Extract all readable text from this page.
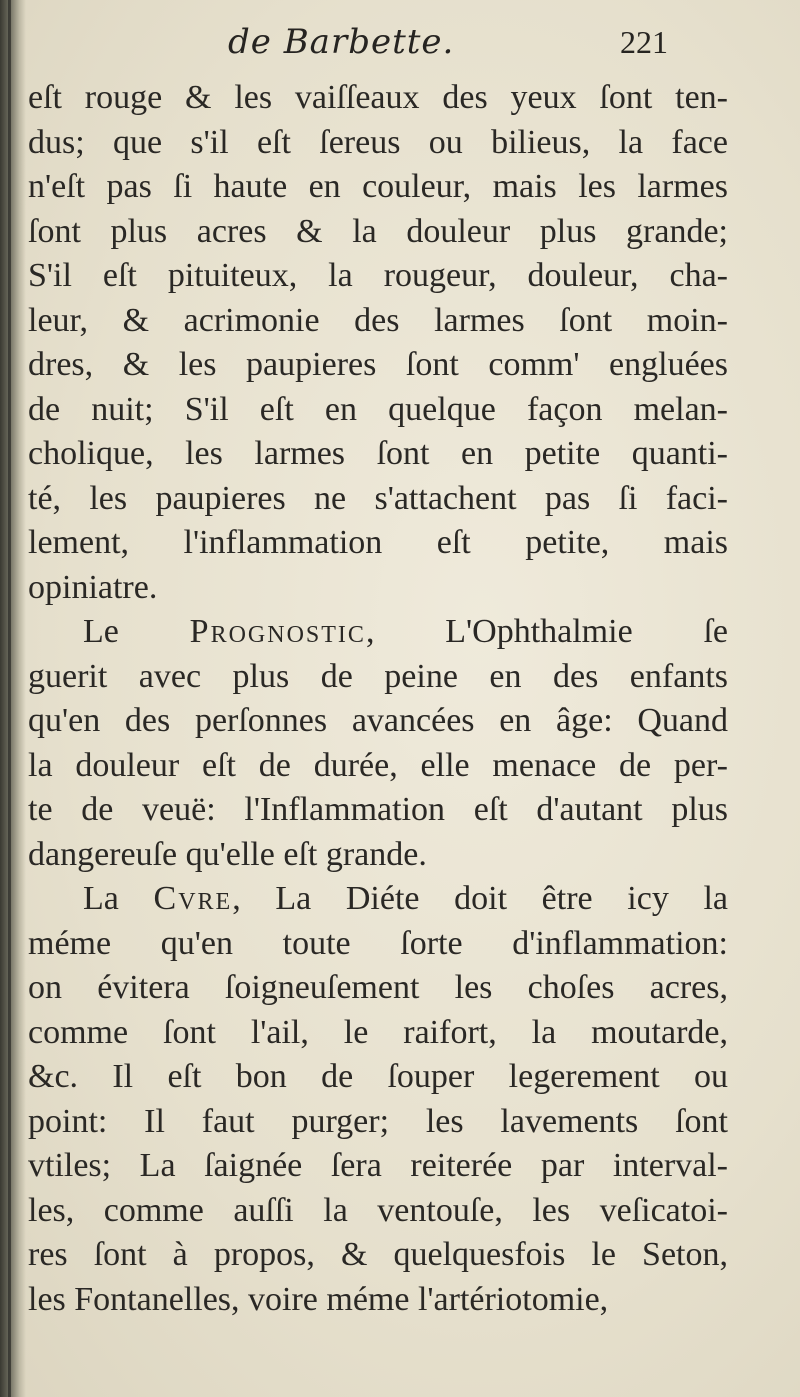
de Barbette.	221
eſt rouge & les vaiſſeaux des yeux ſont ten-
dus; que s'il eſt ſereus ou bilieus, la face
n'eſt pas ſi haute en couleur, mais les larmes
ſont plus acres & la douleur plus grande;
S'il eſt pituiteux, la rougeur, douleur, cha-
leur, & acrimonie des larmes ſont moin-
dres, & les paupieres ſont comm' engluées
de nuit; S'il eſt en quelque façon melan-
cholique, les larmes ſont en petite quanti-
té, les paupieres ne s'attachent pas ſi faci-
lement, l'inflammation eſt petite, mais
opiniatre.
Le Prognostic, L'Ophthalmie ſe
guerit avec plus de peine en des enfants
qu'en des perſonnes avancées en âge: Quand
la douleur eſt de durée, elle menace de per-
te de veuë: l'Inflammation eſt d'autant plus
dangereuſe qu'elle eſt grande.
La Cvre, La Diéte doit être icy la
méme qu'en toute ſorte d'inflammation:
on évitera ſoigneuſement les choſes acres,
comme ſont l'ail, le raifort, la moutarde,
&c. Il eſt bon de ſouper legerement ou
point: Il faut purger; les lavements ſont
vtiles; La ſaignée ſera reiterée par interval-
les, comme auſſi la ventouſe, les veſicatoi-
res ſont à propos, & quelquesfois le Seton,
les Fontanelles, voire méme l'artériotomie,
